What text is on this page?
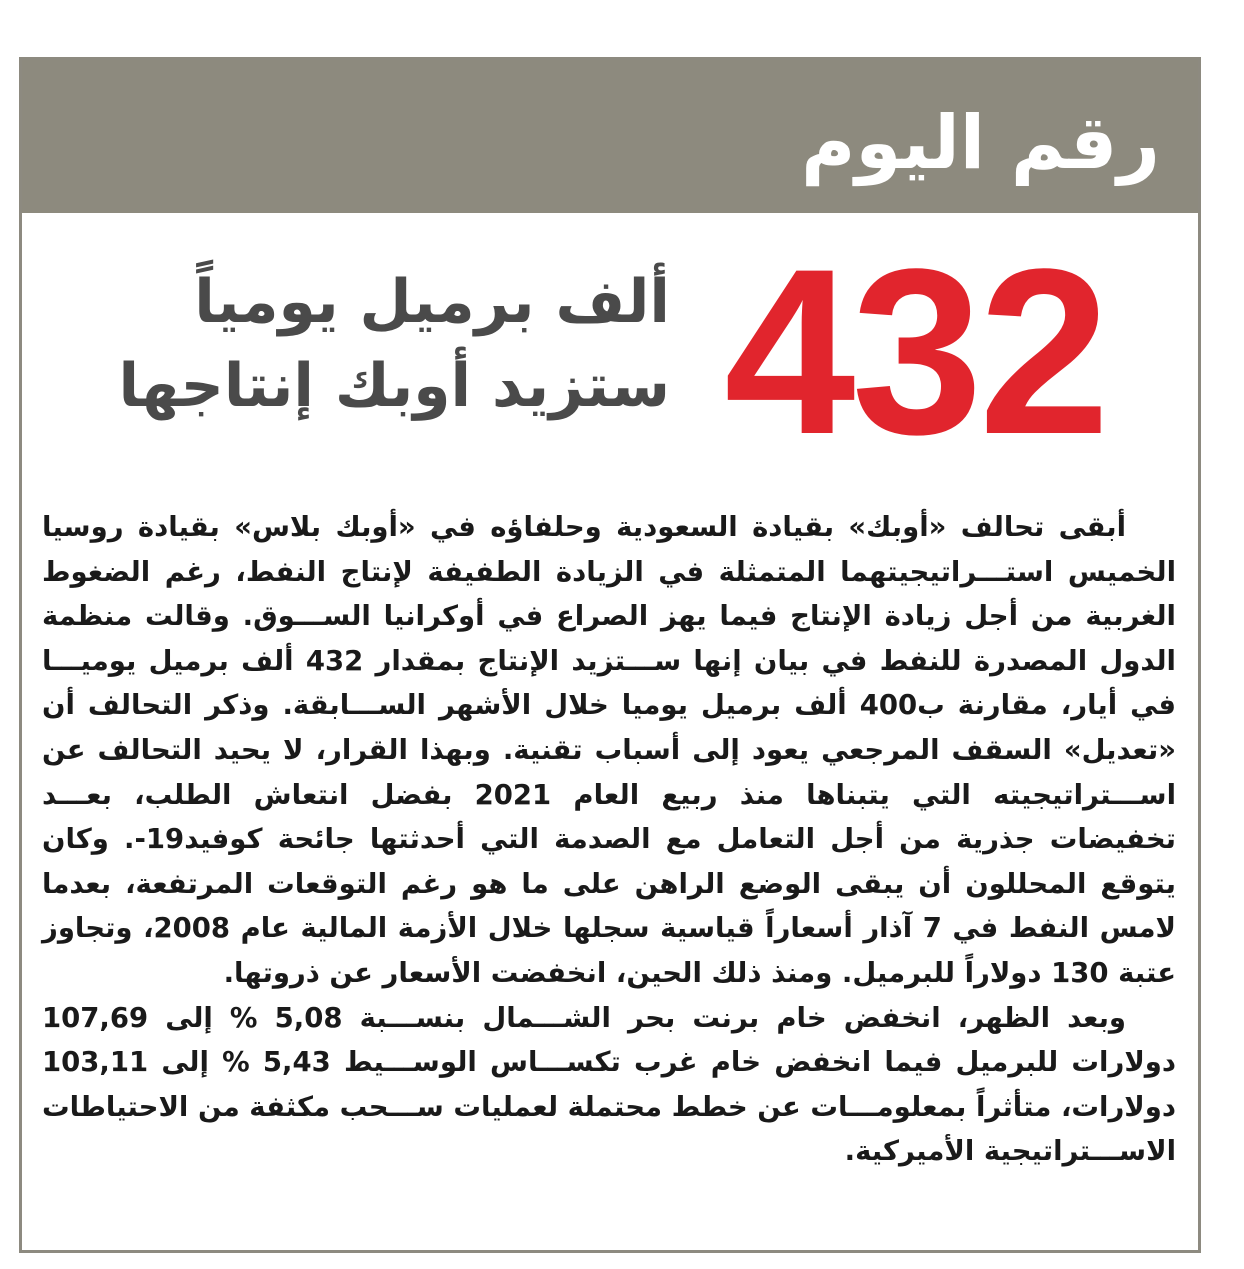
رقم اليوم
432
ألف برميل يومياً
ستزيد أوبك إنتاجها

أبقى تحالف «أوبك» بقيادة السعودية وحلفاؤه في «أوبك بلاس» بقيادة روسيا الخميس استـــراتيجيتهما المتمثلة في الزيادة الطفيفة لإنتاج النفط، رغم الضغوط الغربية من أجل زيادة الإنتاج فيما يهز الصراع في أوكرانيا الســـوق. وقالت منظمة الدول المصدرة للنفط في بيان إنها ســـتزيد الإنتاج بمقدار 432 ألف برميل يوميـــا في أيار، مقارنة ب400 ألف برميل يوميا خلال الأشهر الســـابقة. وذكر التحالف أن «تعديل» السقف المرجعي يعود إلى أسباب تقنية. وبهذا القرار، لا يحيد التحالف عن اســـتراتيجيته التي يتبناها منذ ربيع العام 2021 بفضل انتعاش الطلب، بعـــد تخفيضات جذرية من أجل التعامل مع الصدمة التي أحدثتها جائحة كوفيد19-. وكان يتوقع المحللون أن يبقى الوضع الراهن على ما هو رغم التوقعات المرتفعة، بعدما لامس النفط في 7 آذار أسعاراً قياسية سجلها خلال الأزمة المالية عام 2008، وتجاوز عتبة 130 دولاراً للبرميل. ومنذ ذلك الحين، انخفضت الأسعار عن ذروتها.

وبعد الظهر، انخفض خام برنت بحر الشـــمال بنســـبة 5,08 % إلى 107,69 دولارات للبرميل فيما انخفض خام غرب تكســـاس الوســـيط 5,43 % إلى 103,11 دولارات، متأثراً بمعلومـــات عن خطط محتملة لعمليات ســـحب مكثفة من الاحتياطات الاســـتراتيجية الأميركية.
